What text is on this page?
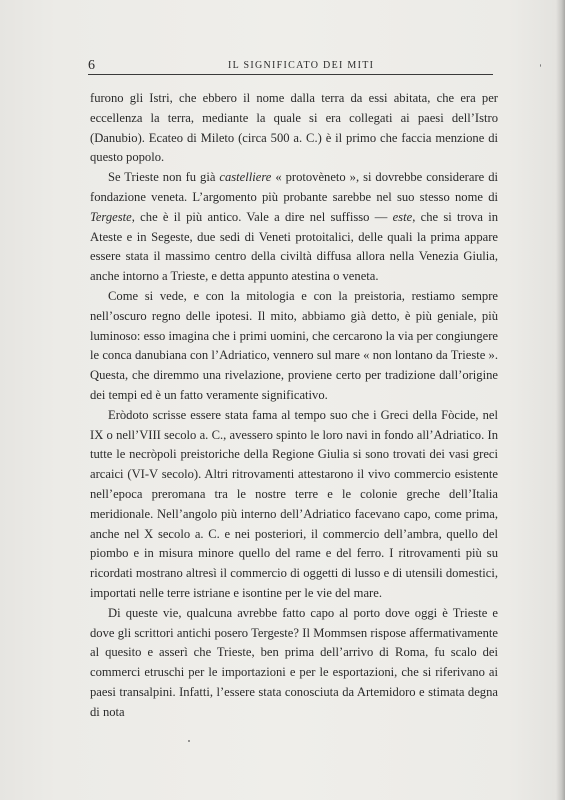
6	IL SIGNIFICATO DEI MITI

furono gli Istri, che ebbero il nome dalla terra da essi abitata, che era per eccellenza la terra, mediante la quale si era collegati ai paesi dell’Istro (Danubio). Ecateo di Mileto (circa 500 a. C.) è il primo che faccia menzione di questo popolo.

Se Trieste non fu già castelliere « protovèneto », si dovrebbe considerare di fondazione veneta. L’argomento più probante sarebbe nel suo stesso nome di Tergeste, che è il più antico. Vale a dire nel suffisso — este, che si trova in Ateste e in Segeste, due sedi di Veneti protoitalici, delle quali la prima appare essere stata il massimo centro della civiltà diffusa allora nella Venezia Giulia, anche intorno a Trieste, e detta appunto atestina o veneta.

Come si vede, e con la mitologia e con la preistoria, restiamo sempre nell’oscuro regno delle ipotesi. Il mito, abbiamo già detto, è più geniale, più luminoso: esso imagina che i primi uomini, che cercarono la via per congiungere le conca danubiana con l’Adriatico, vennero sul mare « non lontano da Trieste ». Questa, che diremmo una rivelazione, proviene certo per tradizione dall’origine dei tempi ed è un fatto veramente significativo.

Eròdoto scrisse essere stata fama al tempo suo che i Greci della Fòcide, nel IX o nell’VIII secolo a. C., avessero spinto le loro navi in fondo all’Adriatico. In tutte le necròpoli preistoriche della Regione Giulia si sono trovati dei vasi greci arcaici (VI-V secolo). Altri ritrovamenti attestarono il vivo commercio esistente nell’epoca preromana tra le nostre terre e le colonie greche dell’Italia meridionale. Nell’angolo più interno dell’Adriatico facevano capo, come prima, anche nel X secolo a. C. e nei posteriori, il commercio dell’ambra, quello del piombo e in misura minore quello del rame e del ferro. I ritrovamenti più su ricordati mostrano altresì il commercio di oggetti di lusso e di utensili domestici, importati nelle terre istriane e isontine per le vie del mare.

Di queste vie, qualcuna avrebbe fatto capo al porto dove oggi è Trieste e dove gli scrittori antichi posero Tergeste? Il Mommsen rispose affermativamente al quesito e asserì che Trieste, ben prima dell’arrivo di Roma, fu scalo dei commerci etruschi per le importazioni e per le esportazioni, che si riferivano ai paesi transalpini. Infatti, l’essere stata conosciuta da Artemidoro e stimata degna di nota
